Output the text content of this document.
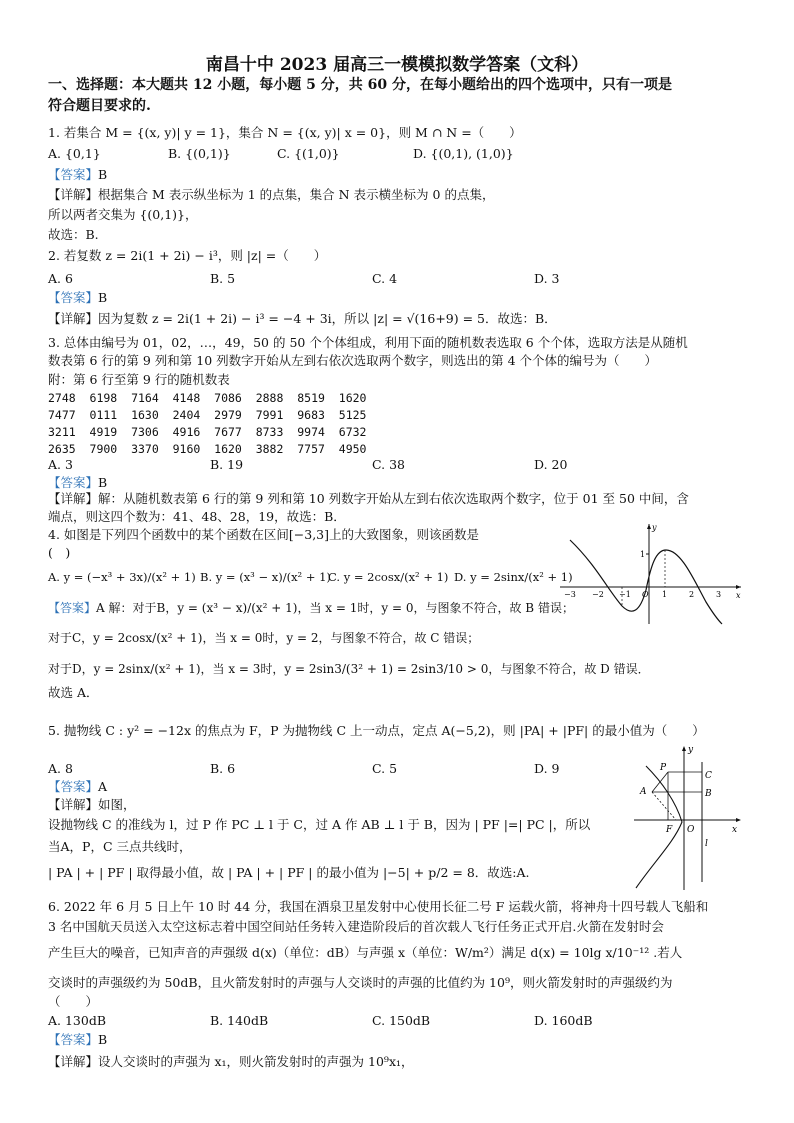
南昌十中 2023 届高三一模模拟数学答案（文科）
一、选择题：本大题共 12 小题，每小题 5 分，共 60 分，在每小题给出的四个选项中，只有一项是
符合题目要求的.
1. 若集合 M = {(x, y)| y = 1}，集合 N = {(x, y)| x = 0}，则 M ∩ N =（　　）
A. {0,1}	B. {(0,1)}	C. {(1,0)}	D. {(0,1), (1,0)}
【答案】B
【详解】根据集合 M 表示纵坐标为 1 的点集，集合 N 表示横坐标为 0 的点集，
所以两者交集为 {(0,1)}，
故选：B.
2. 若复数 z = 2i(1 + 2i) − i³，则 |z| =（　　）
A. 6	B. 5	C. 4	D. 3
【答案】B
【详解】因为复数 z = 2i(1 + 2i) − i³ = −4 + 3i，所以 |z| = √(16+9) = 5．故选：B．
3. 总体由编号为 01，02，…，49，50 的 50 个个体组成，利用下面的随机数表选取 6 个个体，选取方法是从随机
数表第 6 行的第 9 列和第 10 列数字开始从左到右依次选取两个数字，则选出的第 4 个个体的编号为（　　）
附：第 6 行至第 9 行的随机数表
2748  6198  7164  4148  7086  2888  8519  1620
7477  0111  1630  2404  2979  7991  9683  5125
3211  4919  7306  4916  7677  8733  9974  6732
2635  7900  3370  9160  1620  3882  7757  4950
A. 3	B. 19	C. 38	D. 20
【答案】B
【详解】解：从随机数表第 6 行的第 9 列和第 10 列数字开始从左到右依次选取两个数字，位于 01 至 50 中间，含
端点，则这四个数为：41、48、28，19，故选：B．
4. 如图是下列四个函数中的某个函数在区间[−3,3]上的大致图象，则该函数是
(　)
A. y = (−x³ + 3x)/(x² + 1) B. y = (x³ − x)/(x² + 1)
C. y = 2cosx/(x² + 1) D. y = 2sinx/(x² + 1)
【答案】A 解：对于B，y = (x³ − x)/(x² + 1)，当 x = 1时，y = 0，与图象不符合，故 B 错误；
对于C，y = 2cosx/(x² + 1)，当 x = 0时，y = 2，与图象不符合，故 C 错误；
对于D，y = 2sinx/(x² + 1)，当 x = 3时，y = 2sin3/(3² + 1) = 2sin3/10 > 0，与图象不符合，故 D 错误．
故选 A．
y
x
1
−3 −2 −1 O 1	2	3
5. 抛物线 C : y² = −12x 的焦点为 F，P 为抛物线 C 上一动点，定点 A(−5,2)，则 |PA| + |PF| 的最小值为（　　）
A. 8	B. 6	C. 5	D. 9
【答案】A
【详解】如图，
设抛物线 C 的准线为 l，过 P 作 PC ⊥ l 于 C，过 A 作 AB ⊥ l 于 B，因为 | PF |=| PC |，所以
当A，P，C 三点共线时，
| PA | + | PF | 取得最小值，故 | PA | + | PF | 的最小值为 |−5| + p/2 = 8．故选:A.
y
P
A
C
B
F O	x
l
6. 2022 年 6 月 5 日上午 10 时 44 分，我国在酒泉卫星发射中心使用长征二号 F 运载火箭，将神舟十四号载人飞船和
3 名中国航天员送入太空这标志着中国空间站任务转入建造阶段后的首次载人飞行任务正式开启.火箭在发射时会
产生巨大的噪音，已知声音的声强级 d(x)（单位：dB）与声强 x（单位：W/m²）满足 d(x) = 10lg x/10⁻¹² .若人
交谈时的声强级约为 50dB，且火箭发射时的声强与人交谈时的声强的比值约为 10⁹，则火箭发射时的声强级约为
（　　）
A. 130dB	B. 140dB	C. 150dB	D. 160dB
【答案】B
【详解】设人交谈时的声强为 x₁，则火箭发射时的声强为 10⁹x₁，
